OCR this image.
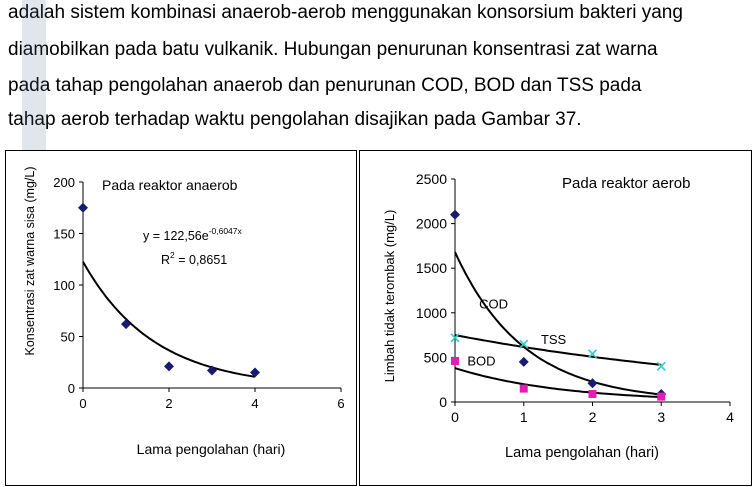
adalah sistem kombinasi anaerob-aerob menggunakan konsorsium bakteri yang
diamobilkan pada batu vulkanik. Hubungan penurunan konsentrasi zat warna
pada tahap pengolahan anaerob dan penurunan COD, BOD dan TSS pada
tahap aerob terhadap waktu pengolahan disajikan pada Gambar 37.
Pada reaktor anaerob
Konsentrasi zat warna sisa (mg/L)
Lama pengolahan (hari)
$y = 122,56e^{-0,6047x}$
$R^2 = 0,8651$
0
50
100
150
200
0	2	4	6
Pada reaktor aerob
Limbah tidak terombak (mg/L)
Lama pengolahan (hari)
0
500
1000
1500
2000
2500
0	1	2	3	4
COD
TSS
BOD
